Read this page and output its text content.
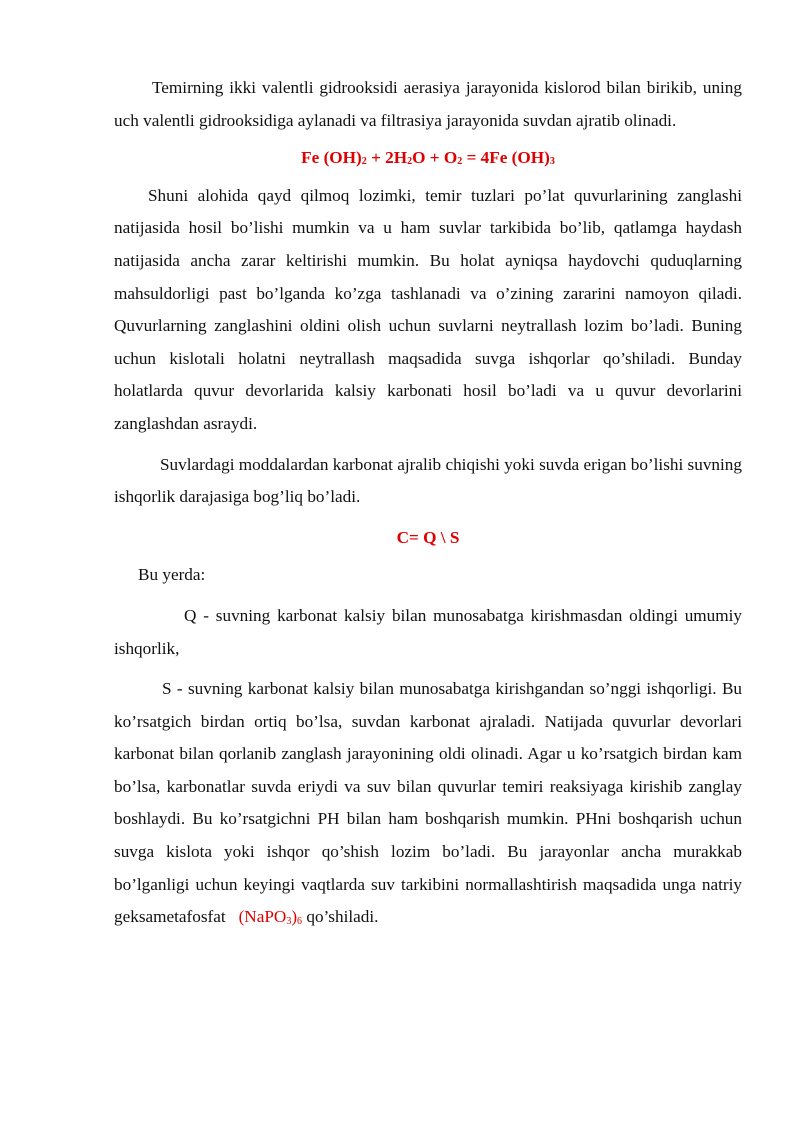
Temirning ikki valentli gidrooksidi aerasiya jarayonida kislorod bilan birikib, uning uch valentli gidrooksidiga aylanadi va filtrasiya jarayonida suvdan ajratib olinadi.

Fe $(OH)_2 + 2H_2O + O_2 = 4Fe$ $(OH)_3$

Shuni alohida qayd qilmoq lozimki, temir tuzlari po’lat quvurlarining zanglashi natijasida hosil bo’lishi mumkin va u ham suvlar tarkibida bo’lib, qatlamga haydash natijasida ancha zarar keltirishi mumkin. Bu holat ayniqsa haydovchi quduqlarning mahsuldorligi past bo’lganda ko’zga tashlanadi va o’zining zararini namoyon qiladi. Quvurlarning zanglashini oldini olish uchun suvlarni neytrallash lozim bo’ladi. Buning uchun kislotali holatni neytrallash maqsadida suvga ishqorlar qo’shiladi. Bunday holatlarda quvur devorlarida kalsiy karbonati hosil bo’ladi va u quvur devorlarini zanglashdan asraydi.

Suvlardagi moddalardan karbonat ajralib chiqishi yoki suvda erigan bo’lishi suvning ishqorlik darajasiga bog’liq bo’ladi.

C= Q \ S

Bu yerda:

Q - suvning karbonat kalsiy bilan munosabatga kirishmasdan oldingi umumiy ishqorlik,

S - suvning karbonat kalsiy bilan munosabatga kirishgandan so’nggi ishqorligi. Bu ko’rsatgich birdan ortiq bo’lsa, suvdan karbonat ajraladi. Natijada quvurlar devorlari karbonat bilan qorlanib zanglash jarayonining oldi olinadi. Agar u ko’rsatgich birdan kam bo’lsa, karbonatlar suvda eriydi va suv bilan quvurlar temiri reaksiyaga kirishib zanglay boshlaydi. Bu ko’rsatgichni PH bilan ham boshqarish mumkin. PHni boshqarish uchun suvga kislota yoki ishqor qo’shish lozim bo’ladi. Bu jarayonlar ancha murakkab bo’lganligi uchun keyingi vaqtlarda suv tarkibini normallashtirish maqsadida unga natriy geksametafosfat $(NaPO_3)_6$ qo’shiladi.
